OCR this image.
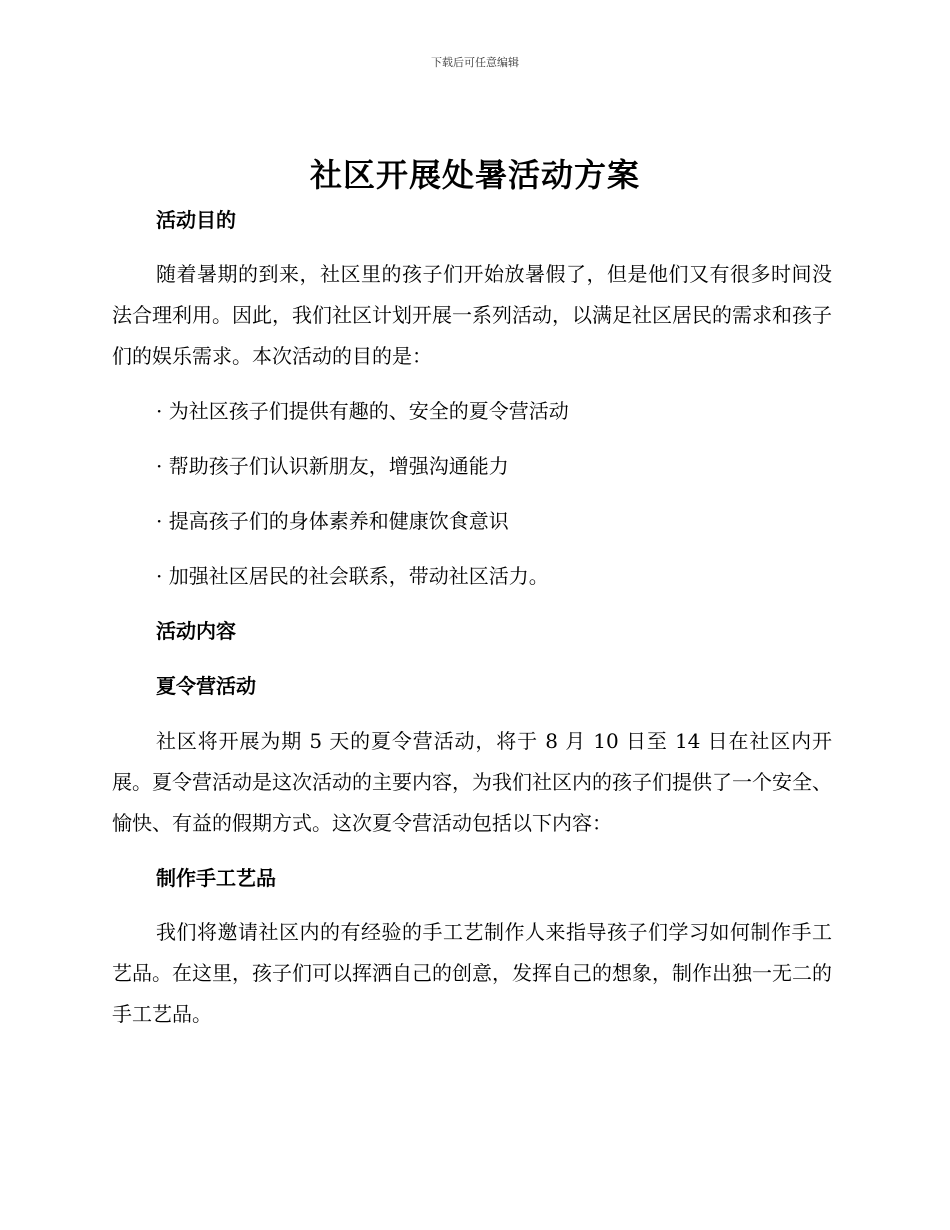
下载后可任意编辑
社区开展处暑活动方案

活动目的

随着暑期的到来，社区里的孩子们开始放暑假了，但是他们又有很多时间没法合理利用。因此，我们社区计划开展一系列活动，以满足社区居民的需求和孩子们的娱乐需求。本次活动的目的是：

· 为社区孩子们提供有趣的、安全的夏令营活动

· 帮助孩子们认识新朋友，增强沟通能力

· 提高孩子们的身体素养和健康饮食意识

· 加强社区居民的社会联系，带动社区活力。

活动内容

夏令营活动

社区将开展为期 5 天的夏令营活动，将于 8 月 10 日至 14 日在社区内开展。夏令营活动是这次活动的主要内容，为我们社区内的孩子们提供了一个安全、愉快、有益的假期方式。这次夏令营活动包括以下内容：

制作手工艺品

我们将邀请社区内的有经验的手工艺制作人来指导孩子们学习如何制作手工艺品。在这里，孩子们可以挥洒自己的创意，发挥自己的想象，制作出独一无二的手工艺品。
